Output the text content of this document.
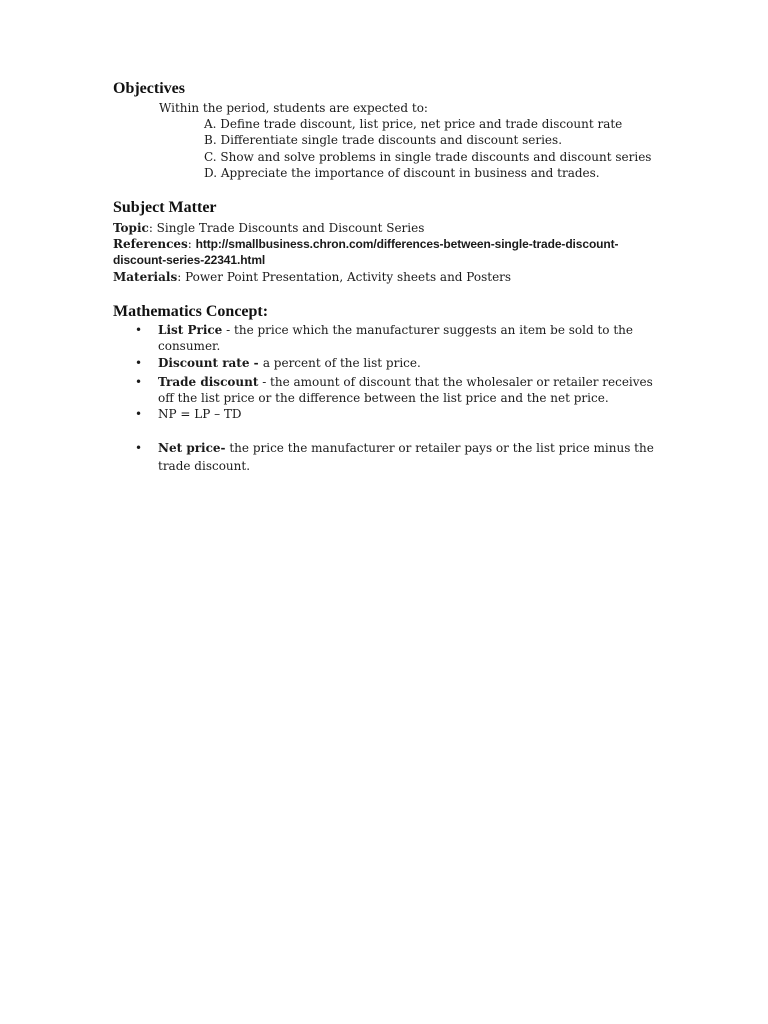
Objectives

Within the period, students are expected to:

A. Define trade discount, list price, net price and trade discount rate

B. Differentiate single trade discounts and discount series.

C. Show and solve problems in single trade discounts and discount series

D. Appreciate the importance of discount in business and trades.

Subject Matter

Topic: Single Trade Discounts and Discount Series

References: http://smallbusiness.chron.com/differences-between-single-trade-discount-

discount-series-22341.html

Materials: Power Point Presentation, Activity sheets and Posters

Mathematics Concept:
• List Price - the price which the manufacturer suggests an item be sold to the

consumer.

• Discount rate - a percent of the list price.

• Trade discount - the amount of discount that the wholesaler or retailer receives

off the list price or the difference between the list price and the net price.

• NP = LP – TD

• Net price- the price the manufacturer or retailer pays or the list price minus the

trade discount.
